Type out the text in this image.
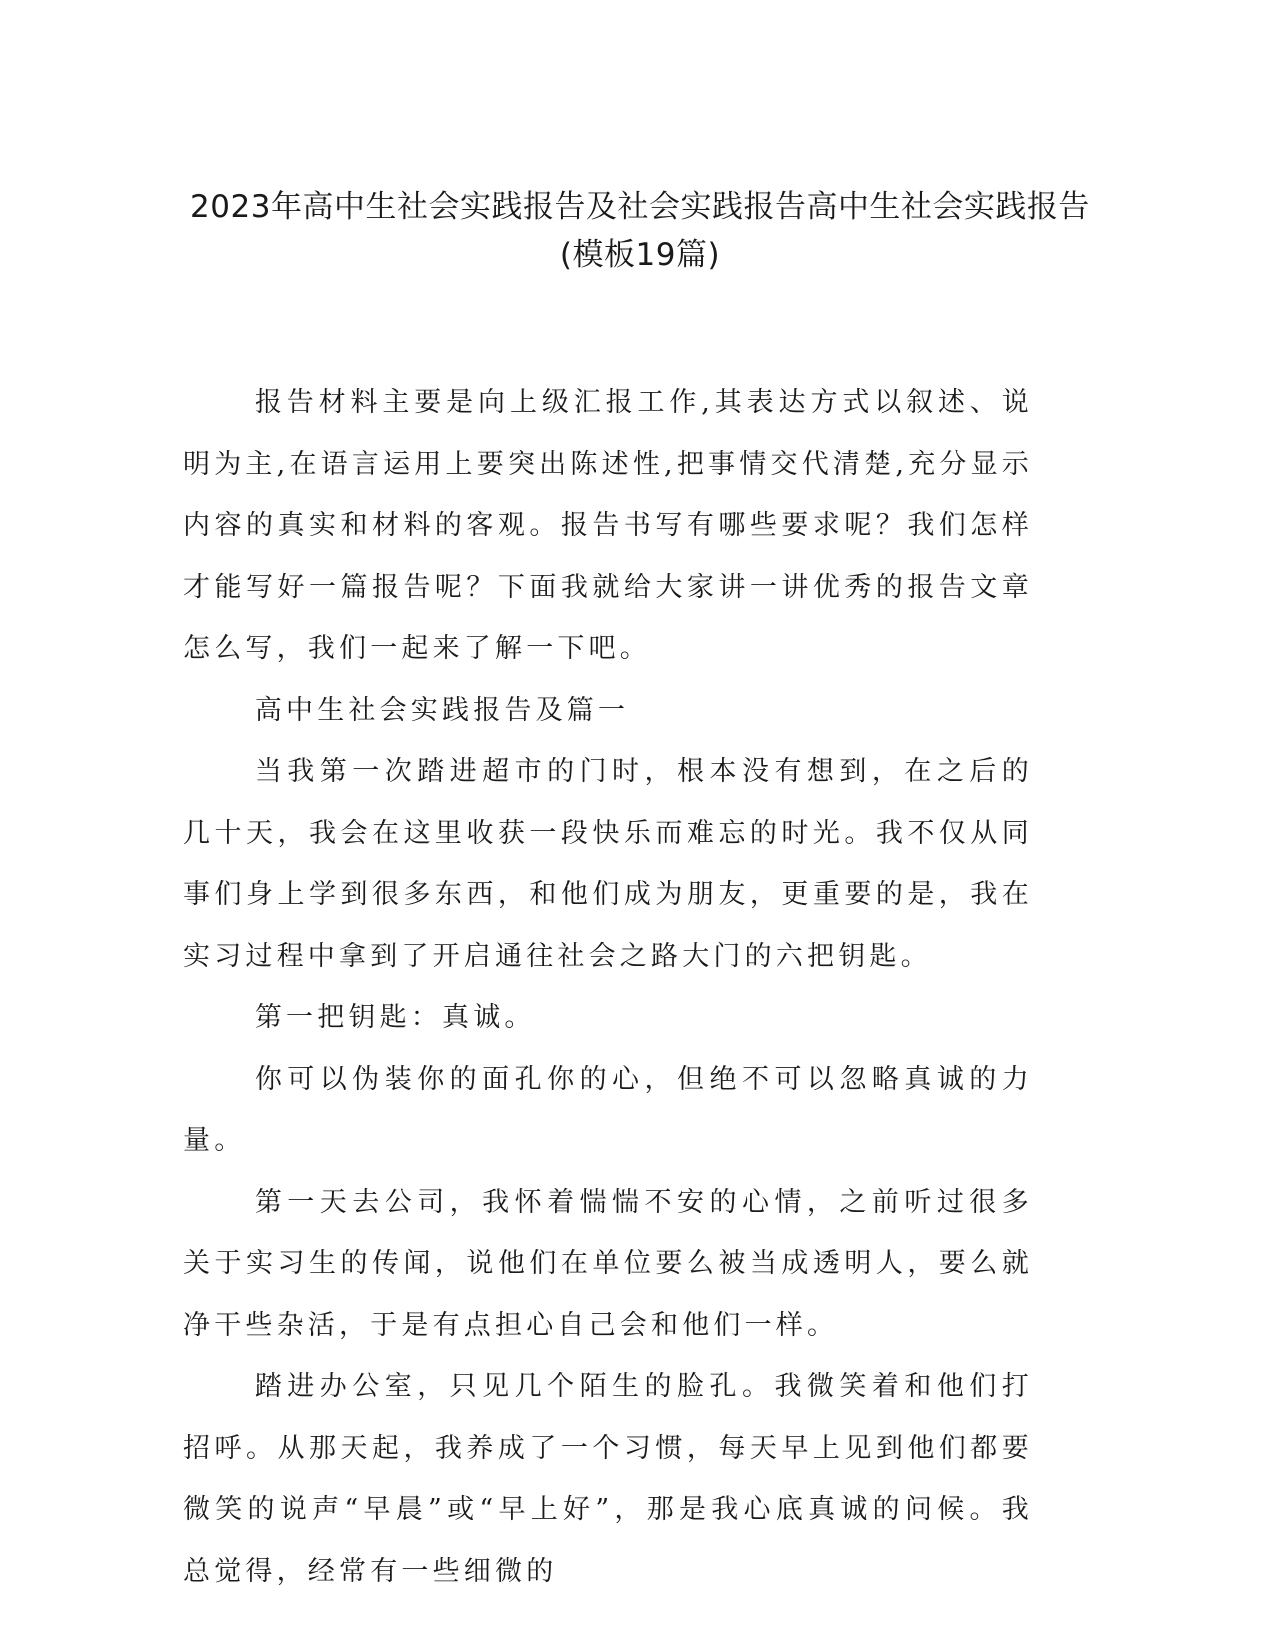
2023年高中生社会实践报告及社会实践报告高中生社会实践报告(模板19篇)

报告材料主要是向上级汇报工作,其表达方式以叙述、说明为主,在语言运用上要突出陈述性,把事情交代清楚,充分显示内容的真实和材料的客观。报告书写有哪些要求呢？我们怎样才能写好一篇报告呢？下面我就给大家讲一讲优秀的报告文章怎么写，我们一起来了解一下吧。

高中生社会实践报告及篇一

当我第一次踏进超市的门时，根本没有想到，在之后的几十天，我会在这里收获一段快乐而难忘的时光。我不仅从同事们身上学到很多东西，和他们成为朋友，更重要的是，我在实习过程中拿到了开启通往社会之路大门的六把钥匙。

第一把钥匙：真诚。

你可以伪装你的面孔你的心，但绝不可以忽略真诚的力量。

第一天去公司，我怀着惴惴不安的心情，之前听过很多关于实习生的传闻，说他们在单位要么被当成透明人，要么就净干些杂活，于是有点担心自己会和他们一样。

踏进办公室，只见几个陌生的脸孔。我微笑着和他们打招呼。从那天起，我养成了一个习惯，每天早上见到他们都要微笑的说声“早晨”或“早上好”，那是我心底真诚的问候。我总觉得，经常有一些细微的
